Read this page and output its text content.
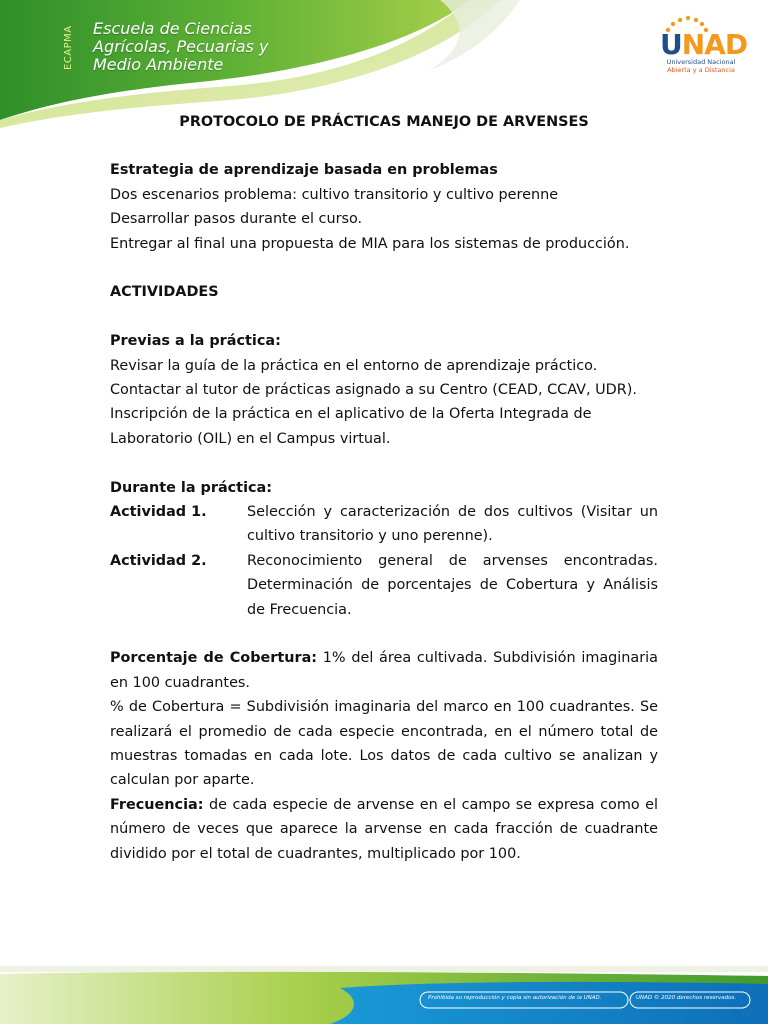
ECAPMA	Escuela de Ciencias
Agrícolas, Pecuarias y
Medio Ambiente
UNAD
Universidad Nacional
Abierta y a Distancia
PROTOCOLO DE PRÁCTICAS MANEJO DE ARVENSES
Estrategia de aprendizaje basada en problemas
Dos escenarios problema: cultivo transitorio y cultivo perenne
Desarrollar pasos durante el curso.
Entregar al final una propuesta de MIA para los sistemas de producción.
ACTIVIDADES
Previas a la práctica:
Revisar la guía de la práctica en el entorno de aprendizaje práctico.
Contactar al tutor de prácticas asignado a su Centro (CEAD, CCAV, UDR).
Inscripción de la práctica en el aplicativo de la Oferta Integrada de Laboratorio (OIL) en el Campus virtual.
Durante la práctica:
Actividad 1.	Selección y caracterización de dos cultivos (Visitar un cultivo transitorio y uno perenne).
Actividad 2.	Reconocimiento general de arvenses encontradas. Determinación de porcentajes de Cobertura y Análisis de Frecuencia.
Porcentaje de Cobertura: 1% del área cultivada. Subdivisión imaginaria en 100 cuadrantes.
% de Cobertura = Subdivisión imaginaria del marco en 100 cuadrantes. Se realizará el promedio de cada especie encontrada, en el número total de muestras tomadas en cada lote. Los datos de cada cultivo se analizan y calculan por aparte.
Frecuencia: de cada especie de arvense en el campo se expresa como el número de veces que aparece la arvense en cada fracción de cuadrante dividido por el total de cuadrantes, multiplicado por 100.
Prohibida su reproducción y copia sin autorización de la UNAD.	UNAD © 2020 derechos reservados.
